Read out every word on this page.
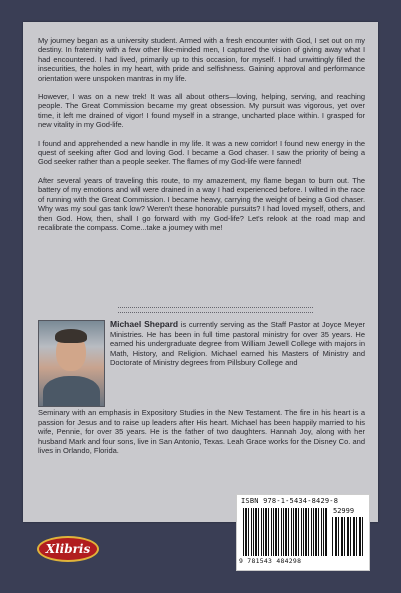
My journey began as a university student. Armed with a fresh encounter with God, I set out on my destiny. In fraternity with a few other like-minded men, I captured the vision of giving away what I had encountered. I had lived, primarily up to this occasion, for myself. I had unwittingly filled the insecurities, the holes in my heart, with pride and selfishness. Gaining approval and performance orientation were unspoken mantras in my life.

However, I was on a new trek! It was all about others—loving, helping, serving, and reaching people. The Great Commission became my great obsession. My pursuit was vigorous, yet over time, it left me drained of vigor! I found myself in a strange, uncharted place within. I grasped for new vitality in my God-life.

I found and apprehended a new handle in my life. It was a new corridor! I found new energy in the quest of seeking after God and loving God. I became a God chaser. I saw the priority of being a God seeker rather than a people seeker. The flames of my God-life were fanned!

After several years of traveling this route, to my amazement, my flame began to burn out. The battery of my emotions and will were drained in a way I had experienced before. I wilted in the race of running with the Great Commission. I became heavy, carrying the weight of being a God chaser. Why was my soul gas tank low? Weren't these honorable pursuits? I had loved myself, others, and then God. How, then, shall I go forward with my God-life? Let's relook at the road map and recalibrate the compass. Come...take a journey with me!

Michael Shepard is currently serving as the Staff Pastor at Joyce Meyer Ministries. He has been in full time pastoral ministry for over 35 years. He earned his undergraduate degree from William Jewell College with majors in Math, History, and Religion. Michael earned his Masters of Ministry and Doctorate of Ministry degrees from Pillsbury College and
Seminary with an emphasis in Expository Studies in the New Testament. The fire in his heart is a passion for Jesus and to raise up leaders after His heart. Michael has been happily married to his wife, Pennie, for over 35 years. He is the father of two daughters. Hannah Joy, along with her husband Mark and four sons, live in San Antonio, Texas. Leah Grace works for the Disney Co. and lives in Orlando, Florida.
Xlibris
ISBN 978-1-5434-8429-8
52999
9 781543 484298
